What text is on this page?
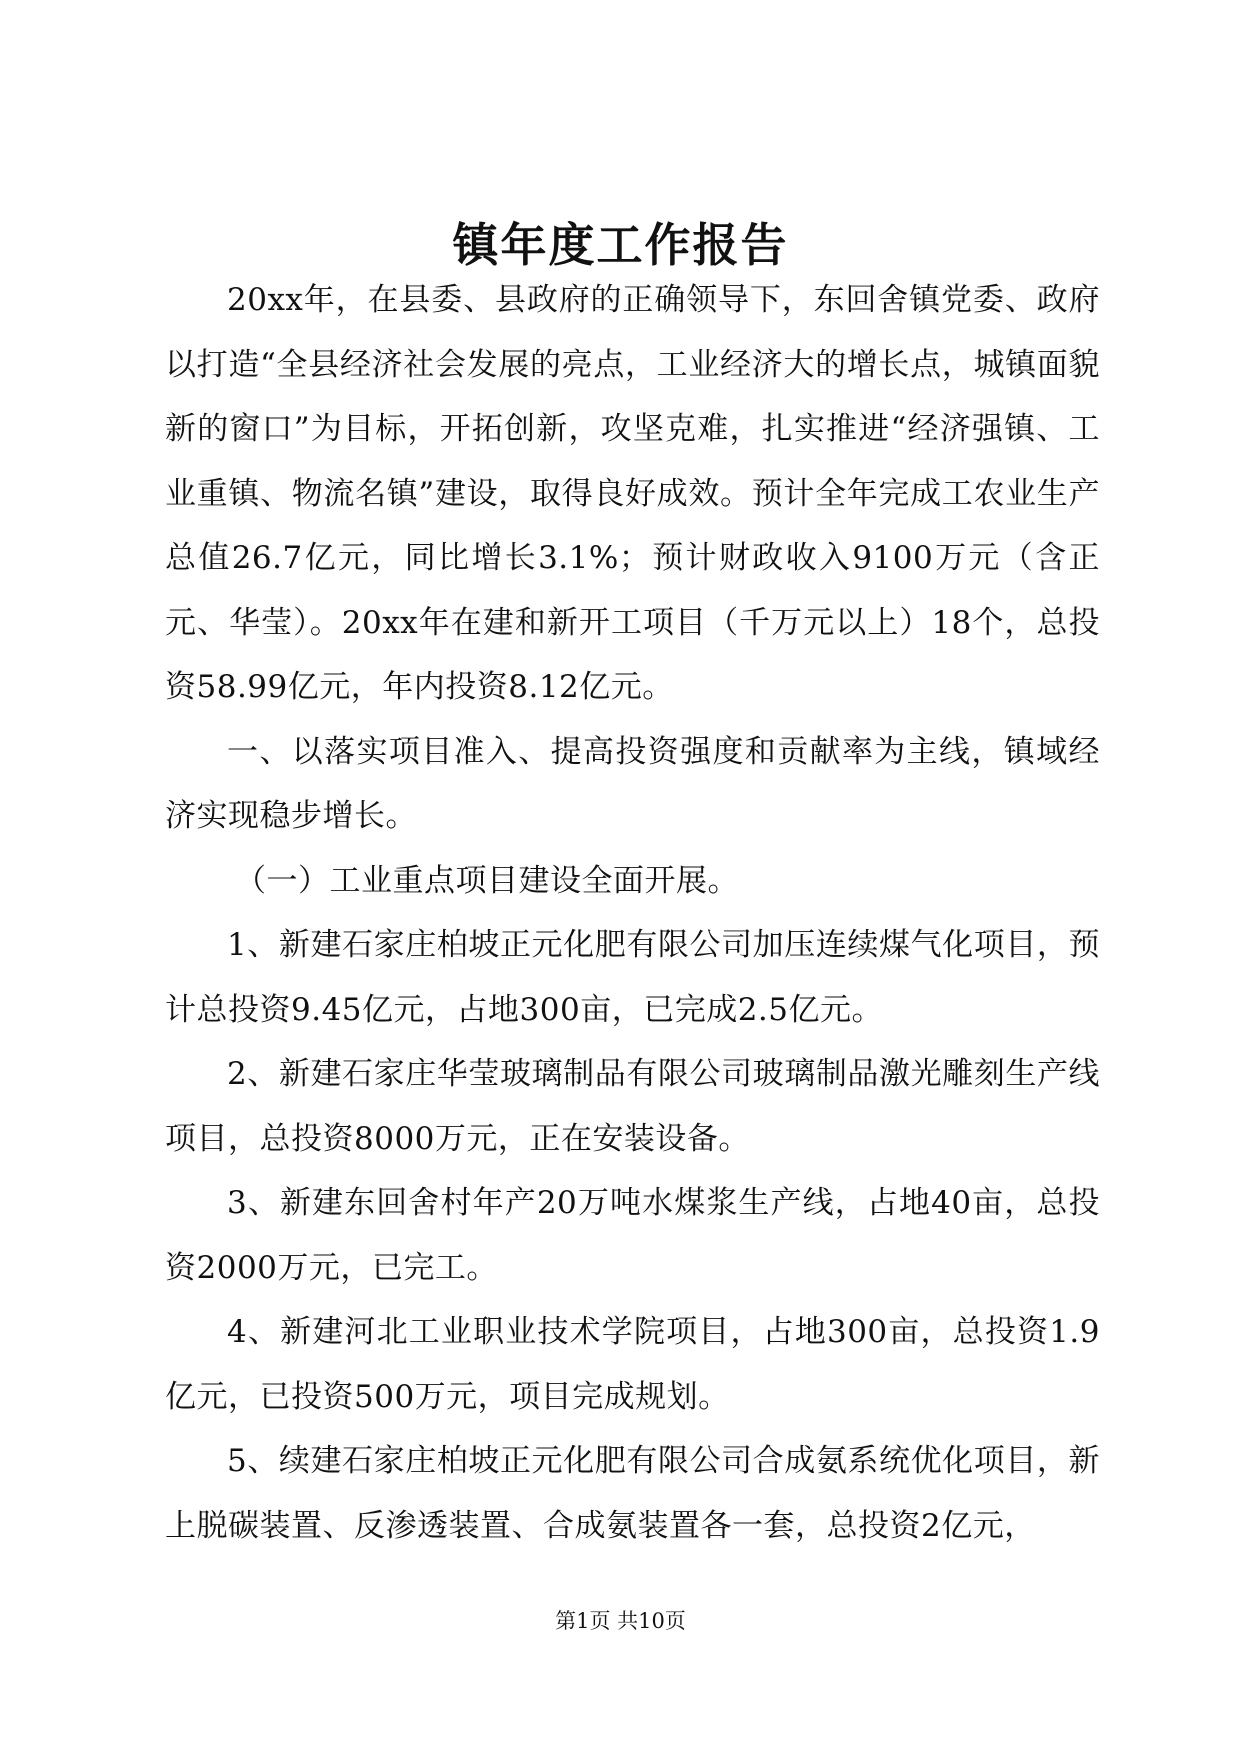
镇年度工作报告

20xx年，在县委、县政府的正确领导下，东回舍镇党委、政府以打造“全县经济社会发展的亮点，工业经济大的增长点，城镇面貌新的窗口”为目标，开拓创新，攻坚克难，扎实推进“经济强镇、工业重镇、物流名镇”建设，取得良好成效。预计全年完成工农业生产总值26.7亿元，同比增长3.1%；预计财政收入9100万元（含正元、华莹）。20xx年在建和新开工项目（千万元以上）18个，总投资58.99亿元，年内投资8.12亿元。

一、以落实项目准入、提高投资强度和贡献率为主线，镇域经济实现稳步增长。

（一）工业重点项目建设全面开展。

1、新建石家庄柏坡正元化肥有限公司加压连续煤气化项目，预计总投资9.45亿元，占地300亩，已完成2.5亿元。

2、新建石家庄华莹玻璃制品有限公司玻璃制品激光雕刻生产线项目，总投资8000万元，正在安装设备。

3、新建东回舍村年产20万吨水煤浆生产线，占地40亩，总投资2000万元，已完工。

4、新建河北工业职业技术学院项目，占地300亩，总投资1.9亿元，已投资500万元，项目完成规划。

5、续建石家庄柏坡正元化肥有限公司合成氨系统优化项目，新上脱碳装置、反渗透装置、合成氨装置各一套，总投资2亿元，

第1页 共10页
